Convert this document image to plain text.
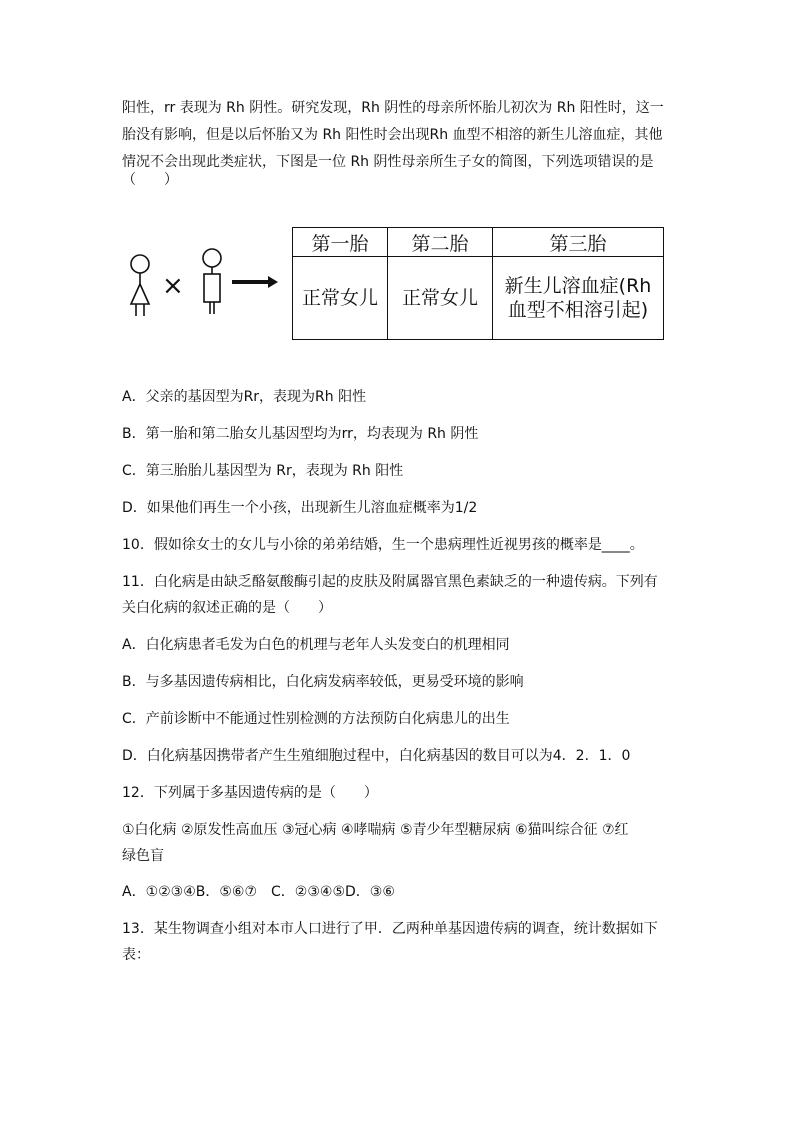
阳性，rr 表现为 Rh 阴性。研究发现，Rh 阴性的母亲所怀胎儿初次为 Rh 阳性时，这一
胎没有影响，但是以后怀胎又为 Rh 阳性时会出现Rh 血型不相溶的新生儿溶血症，其他
情况不会出现此类症状，下图是一位 Rh 阴性母亲所生子女的简图，下列选项错误的是
（　　）
×
第一胎	第二胎	第三胎
正常女儿	正常女儿	新生儿溶血症(Rh血型不相溶引起)
A．父亲的基因型为Rr，表现为Rh 阳性
B．第一胎和第二胎女儿基因型均为rr，均表现为 Rh 阴性
C．第三胎胎儿基因型为 Rr，表现为 Rh 阳性
D．如果他们再生一个小孩，出现新生儿溶血症概率为1/2
10．假如徐女士的女儿与小徐的弟弟结婚，生一个患病理性近视男孩的概率是____。
11．白化病是由缺乏酪氨酸酶引起的皮肤及附属器官黑色素缺乏的一种遗传病。下列有
关白化病的叙述正确的是（　　）
A．白化病患者毛发为白色的机理与老年人头发变白的机理相同
B．与多基因遗传病相比，白化病发病率较低，更易受环境的影响
C．产前诊断中不能通过性别检测的方法预防白化病患儿的出生
D．白化病基因携带者产生生殖细胞过程中，白化病基因的数目可以为4．2．1．0
12．下列属于多基因遗传病的是（　　）
①白化病 ②原发性高血压 ③冠心病 ④哮喘病 ⑤青少年型糖尿病 ⑥猫叫综合征 ⑦红
绿色盲
A．①②③④B．⑤⑥⑦　C．②③④⑤D．③⑥
13．某生物调查小组对本市人口进行了甲．乙两种单基因遗传病的调查，统计数据如下
表：
